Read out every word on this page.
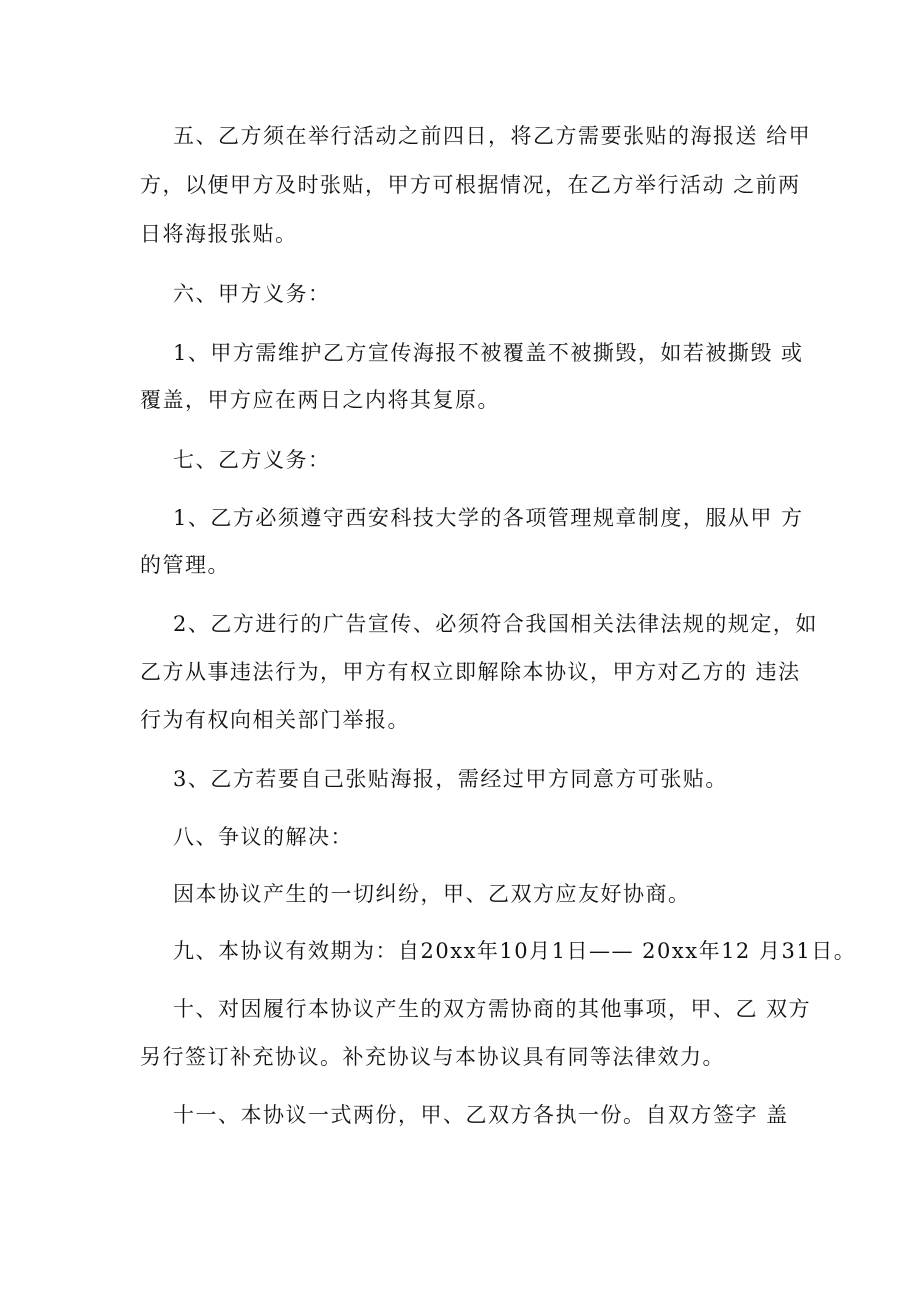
五、乙方须在举行活动之前四日，将乙方需要张贴的海报送 给甲
方，以便甲方及时张贴，甲方可根据情况，在乙方举行活动 之前两
日将海报张贴。
六、甲方义务：
1、甲方需维护乙方宣传海报不被覆盖不被撕毁，如若被撕毁 或
覆盖，甲方应在两日之内将其复原。
七、乙方义务：
1、乙方必须遵守西安科技大学的各项管理规章制度，服从甲 方
的管理。
2、乙方进行的广告宣传、必须符合我国相关法律法规的规定，如
乙方从事违法行为，甲方有权立即解除本协议，甲方对乙方的 违法
行为有权向相关部门举报。
3、乙方若要自己张贴海报，需经过甲方同意方可张贴。
八、争议的解决：
因本协议产生的一切纠纷，甲、乙双方应友好协商。
九、本协议有效期为：自20xx年10月1日—— 20xx年12 月31日。
十、对因履行本协议产生的双方需协商的其他事项，甲、乙 双方
另行签订补充协议。补充协议与本协议具有同等法律效力。
十一、本协议一式两份，甲、乙双方各执一份。自双方签字 盖
